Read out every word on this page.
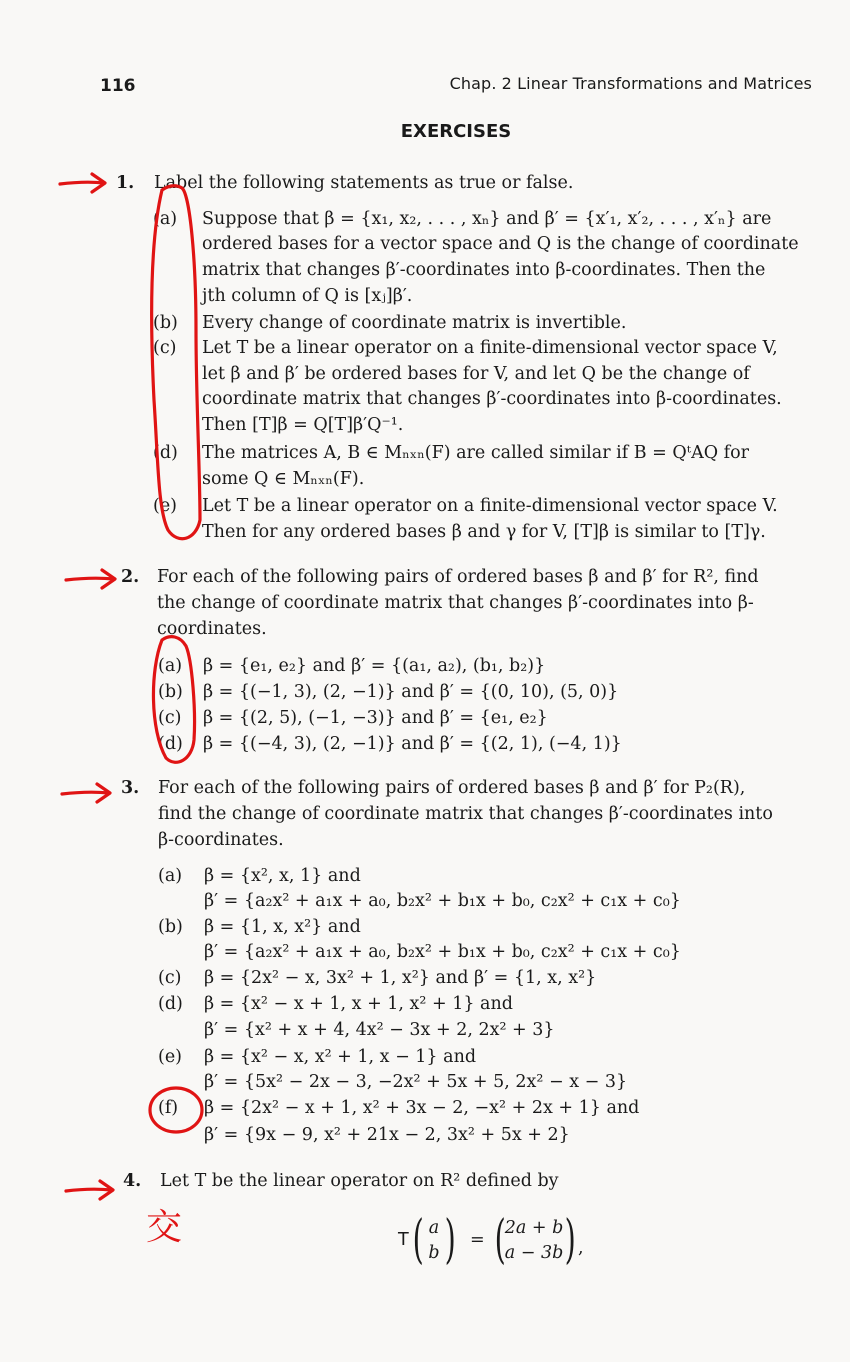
116	Chap. 2 Linear Transformations and Matrices
EXERCISES
1. Label the following statements as true or false.
(a) Suppose that β = {x₁, x₂, . . . , xₙ} and β′ = {x′₁, x′₂, . . . , x′ₙ} are
ordered bases for a vector space and Q is the change of coordinate
matrix that changes β′-coordinates into β-coordinates. Then the
jth column of Q is [xⱼ]β′.
(b) Every change of coordinate matrix is invertible.
(c) Let T be a linear operator on a finite-dimensional vector space V,
let β and β′ be ordered bases for V, and let Q be the change of
coordinate matrix that changes β′-coordinates into β-coordinates.
Then [T]β = Q[T]β′Q⁻¹.
(d) The matrices A, B ∈ Mₙₓₙ(F) are called similar if B = QᵗAQ for
some Q ∈ Mₙₓₙ(F).
(e) Let T be a linear operator on a finite-dimensional vector space V.
Then for any ordered bases β and γ for V, [T]β is similar to [T]γ.
2. For each of the following pairs of ordered bases β and β′ for R², find
the change of coordinate matrix that changes β′-coordinates into β-
coordinates.
(a) β = {e₁, e₂} and β′ = {(a₁, a₂), (b₁, b₂)}
(b) β = {(−1, 3), (2, −1)} and β′ = {(0, 10), (5, 0)}
(c) β = {(2, 5), (−1, −3)} and β′ = {e₁, e₂}
(d) β = {(−4, 3), (2, −1)} and β′ = {(2, 1), (−4, 1)}
3. For each of the following pairs of ordered bases β and β′ for P₂(R),
find the change of coordinate matrix that changes β′-coordinates into
β-coordinates.
(a) β = {x², x, 1} and
β′ = {a₂x² + a₁x + a₀, b₂x² + b₁x + b₀, c₂x² + c₁x + c₀}
(b) β = {1, x, x²} and
β′ = {a₂x² + a₁x + a₀, b₂x² + b₁x + b₀, c₂x² + c₁x + c₀}
(c) β = {2x² − x, 3x² + 1, x²} and β′ = {1, x, x²}
(d) β = {x² − x + 1, x + 1, x² + 1} and
β′ = {x² + x + 4, 4x² − 3x + 2, 2x² + 3}
(e) β = {x² − x, x² + 1, x − 1} and
β′ = {5x² − 2x − 3, −2x² + 5x + 5, 2x² − x − 3}
(f) β = {2x² − x + 1, x² + 3x − 2, −x² + 2x + 1} and
β′ = {9x − 9, x² + 21x − 2, 3x² + 5x + 2}
4. Let T be the linear operator on R² defined by
T ( a
b ) = (
2a + b
a − 3b ) ,
交
